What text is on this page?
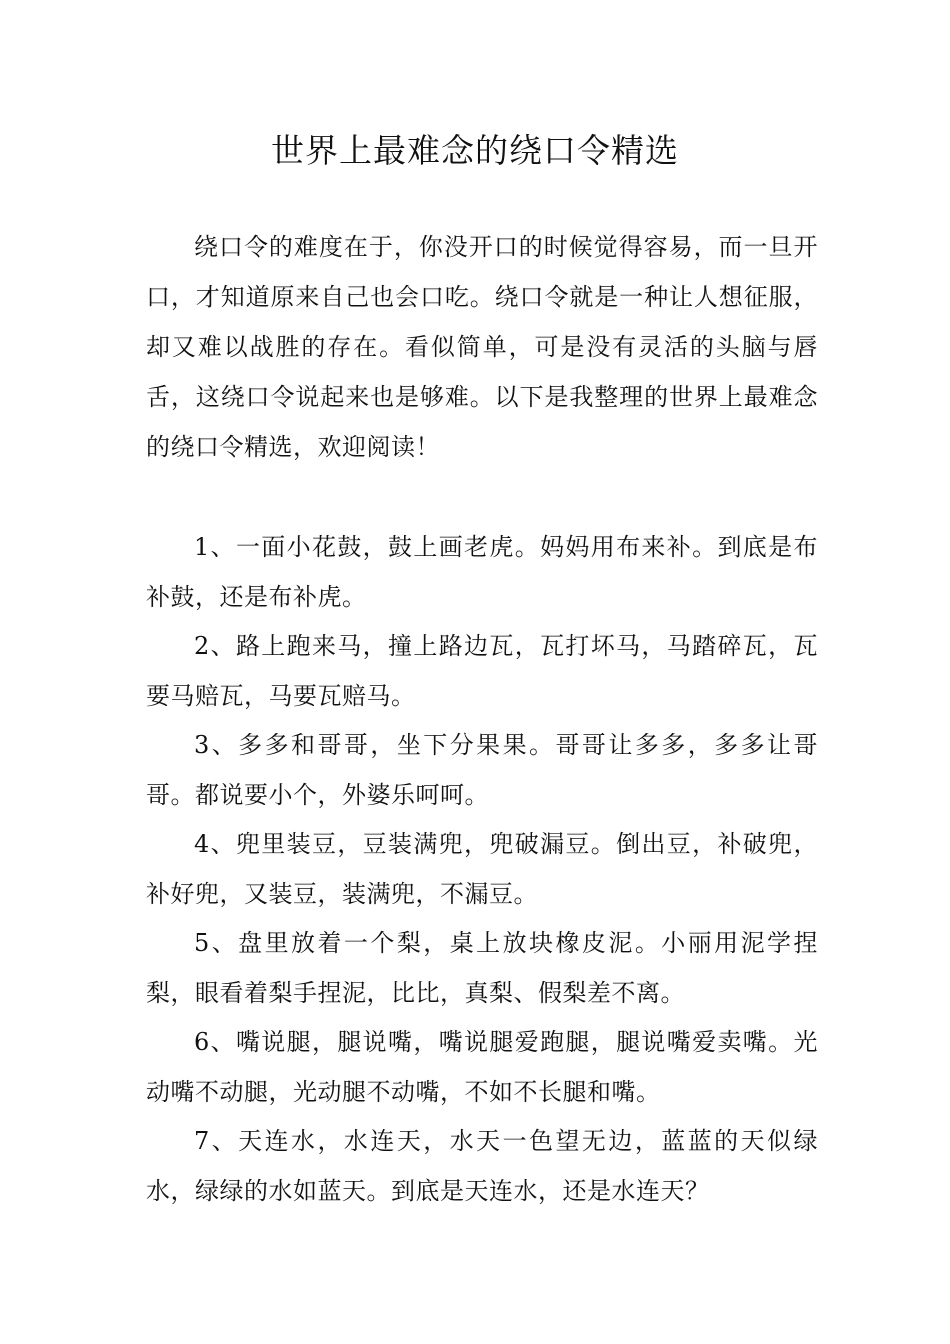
世界上最难念的绕口令精选

绕口令的难度在于，你没开口的时候觉得容易，而一旦开口，才知道原来自己也会口吃。绕口令就是一种让人想征服，却又难以战胜的存在。看似简单，可是没有灵活的头脑与唇舌，这绕口令说起来也是够难。以下是我整理的世界上最难念的绕口令精选，欢迎阅读！

1、一面小花鼓，鼓上画老虎。妈妈用布来补。到底是布补鼓，还是布补虎。

2、路上跑来马，撞上路边瓦，瓦打坏马，马踏碎瓦，瓦要马赔瓦，马要瓦赔马。

3、多多和哥哥，坐下分果果。哥哥让多多，多多让哥哥。都说要小个，外婆乐呵呵。

4、兜里装豆，豆装满兜，兜破漏豆。倒出豆，补破兜，补好兜，又装豆，装满兜，不漏豆。

5、盘里放着一个梨，桌上放块橡皮泥。小丽用泥学捏梨，眼看着梨手捏泥，比比，真梨、假梨差不离。

6、嘴说腿，腿说嘴，嘴说腿爱跑腿，腿说嘴爱卖嘴。光动嘴不动腿，光动腿不动嘴，不如不长腿和嘴。

7、天连水，水连天，水天一色望无边，蓝蓝的天似绿水，绿绿的水如蓝天。到底是天连水，还是水连天？
